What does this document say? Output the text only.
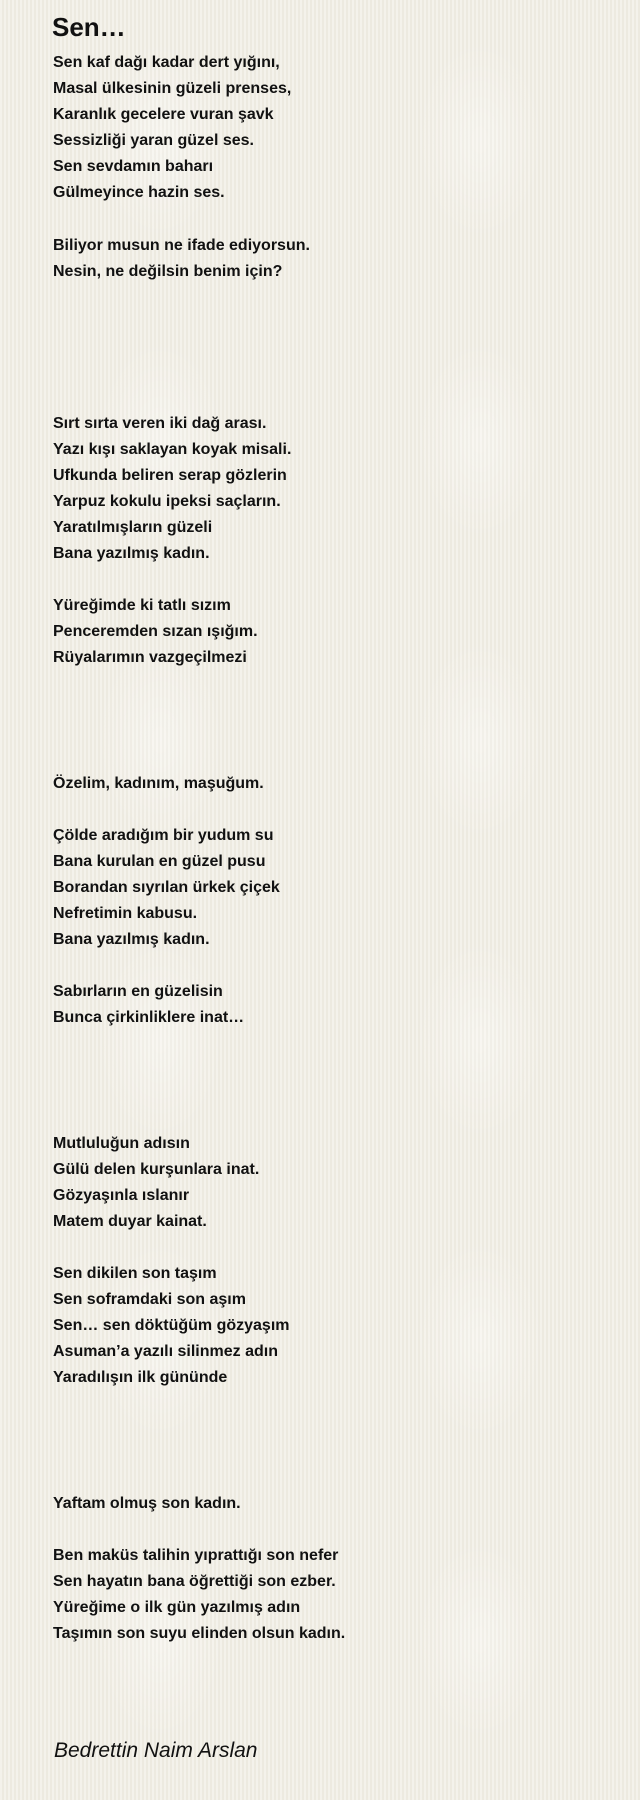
Sen…
Sen kaf dağı kadar dert yığını,
Masal ülkesinin güzeli prenses,
Karanlık gecelere vuran şavk
Sessizliği yaran güzel ses.
Sen sevdamın baharı
Gülmeyince hazin ses.
Biliyor musun ne ifade ediyorsun.
Nesin, ne değilsin benim için?
Sırt sırta veren iki dağ arası.
Yazı kışı saklayan koyak misali.
Ufkunda beliren serap gözlerin
Yarpuz kokulu ipeksi saçların.
Yaratılmışların güzeli
Bana yazılmış kadın.
Yüreğimde ki tatlı sızım
Penceremden sızan ışığım.
Rüyalarımın vazgeçilmezi
Özelim, kadınım, maşuğum.
Çölde aradığım bir yudum su
Bana kurulan en güzel pusu
Borandan sıyrılan ürkek çiçek
Nefretimin kabusu.
Bana yazılmış kadın.
Sabırların en güzelisin
Bunca çirkinliklere inat…
Mutluluğun adısın
Gülü delen kurşunlara inat.
Gözyaşınla ıslanır
Matem duyar kainat.
Sen dikilen son taşım
Sen soframdaki son aşım
Sen… sen döktüğüm gözyaşım
Asuman’a yazılı silinmez adın
Yaradılışın ilk gününde
Yaftam olmuş son kadın.
Ben maküs talihin yıprattığı son nefer
Sen hayatın bana öğrettiği son ezber.
Yüreğime o ilk gün yazılmış adın
Taşımın son suyu elinden olsun kadın.

Bedrettin Naim Arslan
